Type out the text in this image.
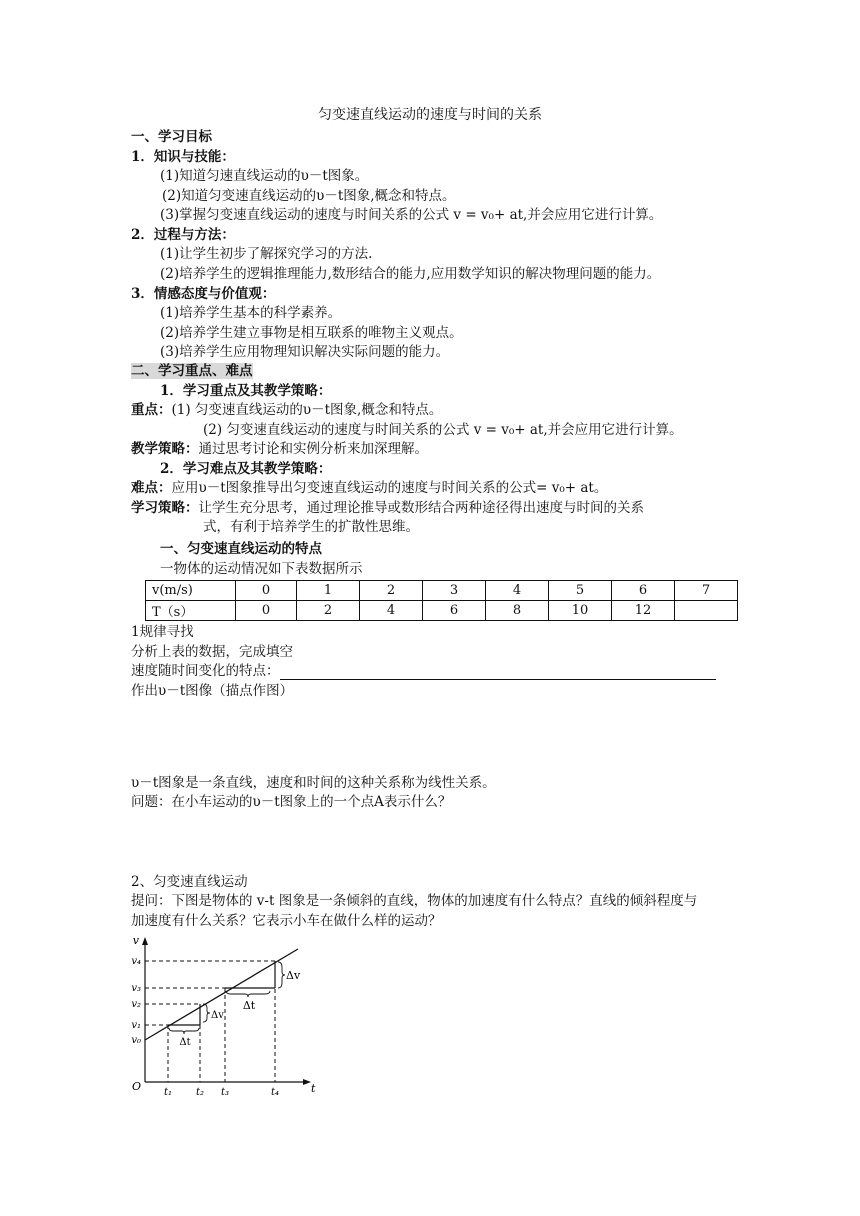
匀变速直线运动的速度与时间的关系
一、学习目标
1．知识与技能：
(1)知道匀速直线运动的υ－t图象。
(2)知道匀变速直线运动的υ－t图象,概念和特点。
(3)掌握匀变速直线运动的速度与时间关系的公式 v = v₀+ at,并会应用它进行计算。
2．过程与方法：
(1)让学生初步了解探究学习的方法.
(2)培养学生的逻辑推理能力,数形结合的能力,应用数学知识的解决物理问题的能力。
3．情感态度与价值观：
(1)培养学生基本的科学素养。
(2)培养学生建立事物是相互联系的唯物主义观点。
(3)培养学生应用物理知识解决实际问题的能力。
二、学习重点、难点
1．学习重点及其教学策略：
重点：(1) 匀变速直线运动的υ－t图象,概念和特点。
(2) 匀变速直线运动的速度与时间关系的公式 v = v₀+ at,并会应用它进行计算。
教学策略：通过思考讨论和实例分析来加深理解。
2．学习难点及其教学策略：
难点：应用υ－t图象推导出匀变速直线运动的速度与时间关系的公式= v₀+ at。
学习策略：让学生充分思考，通过理论推导或数形结合两种途径得出速度与时间的关系
式，有利于培养学生的扩散性思维。
一、匀变速直线运动的特点
一物体的运动情况如下表数据所示
v(m/s)	0	1	2	3	4	5	6	7
T（s）	0	2	4	6	8	10	12	
1规律寻找
分析上表的数据，完成填空
速度随时间变化的特点：
作出υ－t图像（描点作图）
υ－t图象是一条直线，速度和时间的这种关系称为线性关系。
问题：在小车运动的υ－t图象上的一个点A表示什么？
2、匀变速直线运动
提问：下图是物体的 v-t 图象是一条倾斜的直线，物体的加速度有什么特点？直线的倾斜程度与
加速度有什么关系？它表示小车在做什么样的运动？
v
t
O
v₄
v₃
v₂
v₁
v₀
t₁ t₂ t₃	t₄
Δv
Δt
Δv
Δt
